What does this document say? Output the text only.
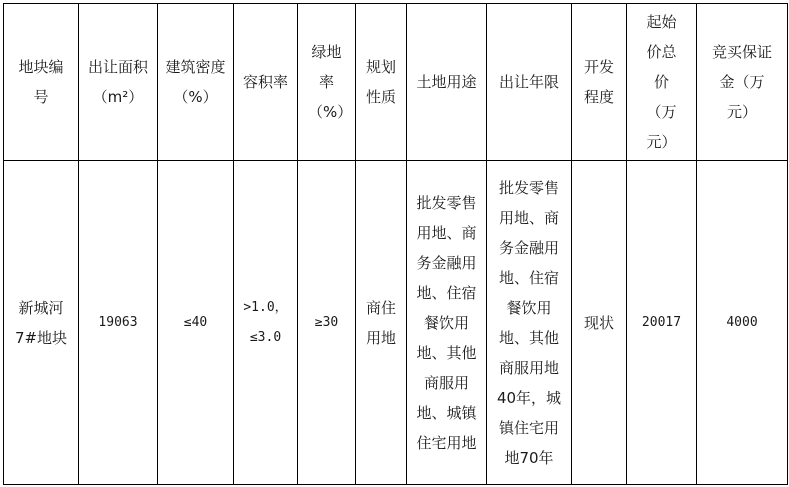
地块编号	出让面积（m²）	建筑密度（%）	容积率	绿地率（%）	规划性质	土地用途	出让年限	开发程度	起始价总价（万元）	竞买保证金（万元）
新城河7#地块	19063	≤40	>1.0，≤3.0	≥30	商住用地	批发零售用地、商务金融用地、住宿餐饮用地、其他商服用地、城镇住宅用地	批发零售用地、商务金融用地、住宿餐饮用地、其他商服用地40年，城镇住宅用地70年	现状	20017	4000
